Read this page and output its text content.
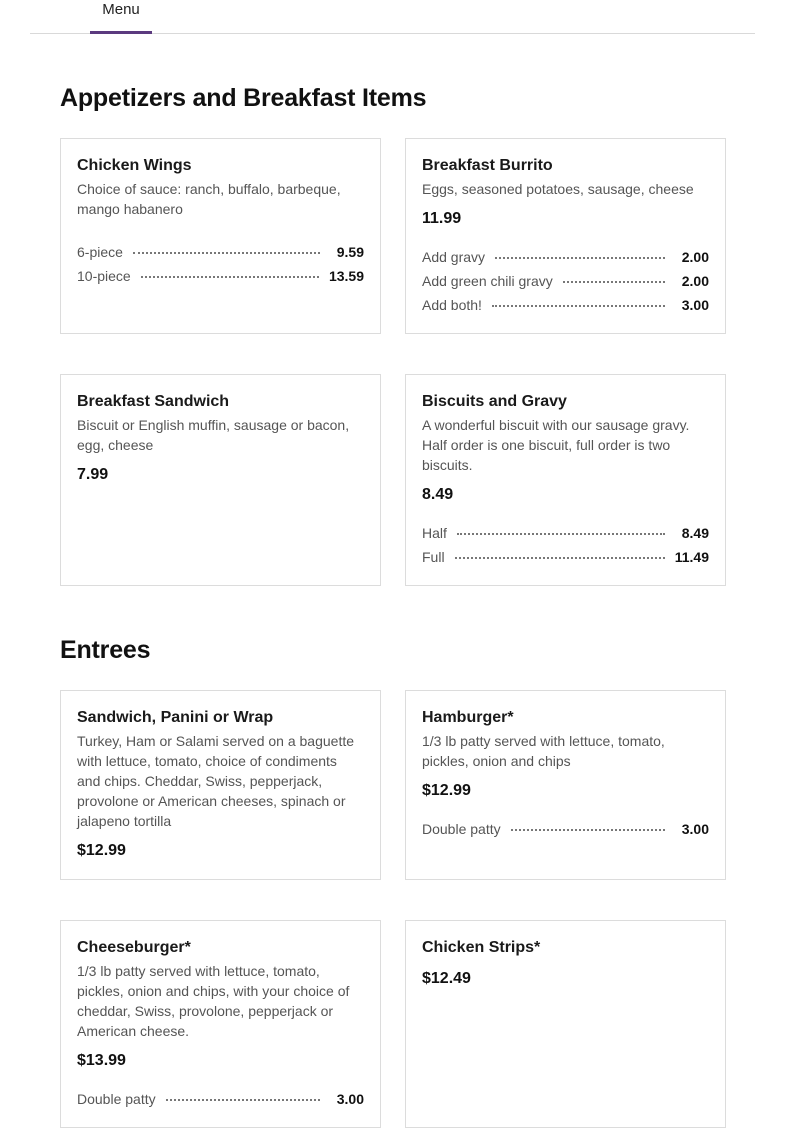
Menu
Appetizers and Breakfast Items
Chicken Wings
Choice of sauce: ranch, buffalo, barbeque, mango habanero
6-piece	9.59
10-piece	13.59
Breakfast Burrito
Eggs, seasoned potatoes, sausage, cheese
11.99
Add gravy	2.00
Add green chili gravy	2.00
Add both!	3.00
Breakfast Sandwich
Biscuit or English muffin, sausage or bacon, egg, cheese
7.99
Biscuits and Gravy
A wonderful biscuit with our sausage gravy. Half order is one biscuit, full order is two biscuits.
8.49
Half	8.49
Full	11.49
Entrees
Sandwich, Panini or Wrap
Turkey, Ham or Salami served on a baguette with lettuce, tomato, choice of condiments and chips. Cheddar, Swiss, pepperjack, provolone or American cheeses, spinach or jalapeno tortilla
$12.99
Hamburger*
1/3 lb patty served with lettuce, tomato, pickles, onion and chips
$12.99
Double patty	3.00
Cheeseburger*
1/3 lb patty served with lettuce, tomato, pickles, onion and chips, with your choice of cheddar, Swiss, provolone, pepperjack or American cheese.
$13.99
Double patty	3.00
Chicken Strips*
$12.49
